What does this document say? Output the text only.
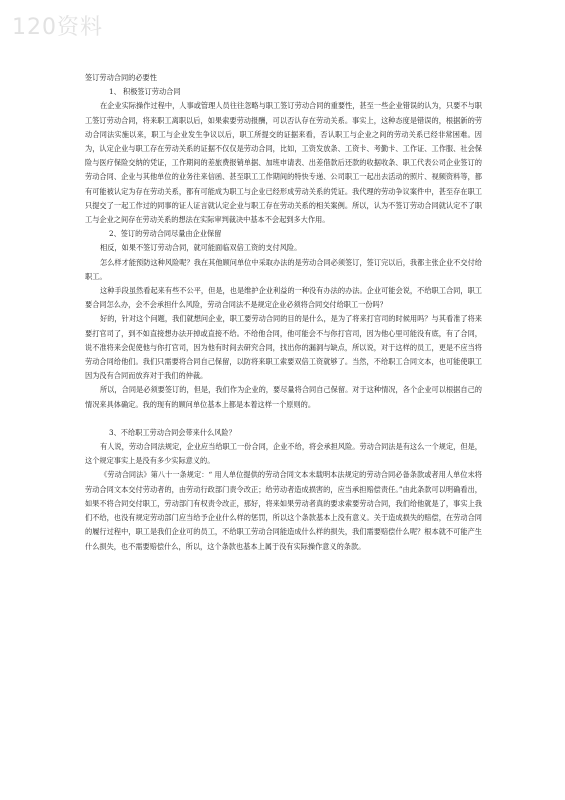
120资料

签订劳动合同的必要性

1、 积极签订劳动合同

在企业实际操作过程中，人事或管理人员往往忽略与职工签订劳动合同的重要性，甚至一些企业错误的认为，只要不与职工签订劳动合同，将来职工离职以后，如果索要劳动报酬，可以否认存在劳动关系。事实上，这种态度是错误的，根据新的劳动合同法实施以来，职工与企业发生争议以后，职工所提交的证据来看，否认职工与企业之间的劳动关系已经非常困难。因为，认定企业与职工存在劳动关系的证据不仅仅是劳动合同，比如，工资发放条、工资卡、考勤卡、工作证、工作服、社会保险与医疗保险交纳的凭证，工作期间的差旅费报销单据、加班申请表、出差借款后还款的收据收条、职工代表公司企业签订的劳动合同、企业与其他单位的业务往来信函、甚至职工工作期间的特快专递、公司职工一起出去活动的照片、视频资料等，都有可能被认定为存在劳动关系，都有可能成为职工与企业已经形成劳动关系的凭证。我代理的劳动争议案件中，甚至存在职工只提交了一起工作过的同事的证人证言就认定企业与职工存在劳动关系的相关案例。所以，认为不签订劳动合同就认定不了职工与企业之间存在劳动关系的想法在实际审判裁决中基本不会起到多大作用。

2、签订的劳动合同尽量由企业保留

相反，如果不签订劳动合同，就可能面临双倍工资的支付风险。

怎么样才能预防这种风险呢？我在其他顾问单位中采取办法的是劳动合同必须签订，签订完以后，我都主张企业不交付给职工。

这种手段虽然看起来有些不公平，但是，也是维护企业利益的一种没有办法的办法。企业可能会说，不给职工合同，职工要合同怎么办，会不会承担什么风险，劳动合同法不是规定企业必须将合同交付给职工一份吗？

好的，针对这个问题，我们就想问企业，职工要劳动合同的目的是什么，是为了将来打官司的时候用吗？与其看准了将来要打官司了，到不如直接想办法开掉或直接不给。不给他合同，他可能会不与你打官司，因为他心里可能没有底，有了合同，说不准将来会促使他与你打官司，因为他有时间去研究合同，找出你的漏洞与缺点，所以说，对于这样的员工，更是不应当将劳动合同给他们。我们只需要将合同自己保留，以防将来职工索要双倍工资就够了。当然，不给职工合同文本，也可能使职工因为没有合同而放弃对于我们的仲裁。

所以，合同是必须要签订的，但是，我们作为企业的，要尽量将合同自己保留。对于这种情况，各个企业可以根据自己的情况来具体确定。我的现有的顾问单位基本上都是本着这样一个原则的。

3、不给职工劳动合同会带来什么风险？

有人说，劳动合同法规定，企业应当给职工一份合同，企业不给，将会承担风险。劳动合同法是有这么一个规定，但是，这个规定事实上是没有多少实际意义的。

《劳动合同法》第八十一条规定：“ 用人单位提供的劳动合同文本未载明本法规定的劳动合同必备条款或者用人单位未将劳动合同文本交付劳动者的，由劳动行政部门责令改正；给劳动者造成损害的，应当承担赔偿责任。”由此条款可以明确看出，如果不将合同交付职工，劳动部门有权责令改正，那好，将来如果劳动者真的要求索要劳动合同，我们给他就是了，事实上我们不给，也没有规定劳动部门应当给予企业什么样的惩罚，所以这个条款基本上没有意义。关于造成损失的赔偿，在劳动合同的履行过程中，职工是我们企业可的员工，不给职工劳动合同能造成什么样的损失，我们需要赔偿什么呢？根本就不可能产生什么损失，也不需要赔偿什么，所以，这个条款也基本上属于没有实际操作意义的条款。
